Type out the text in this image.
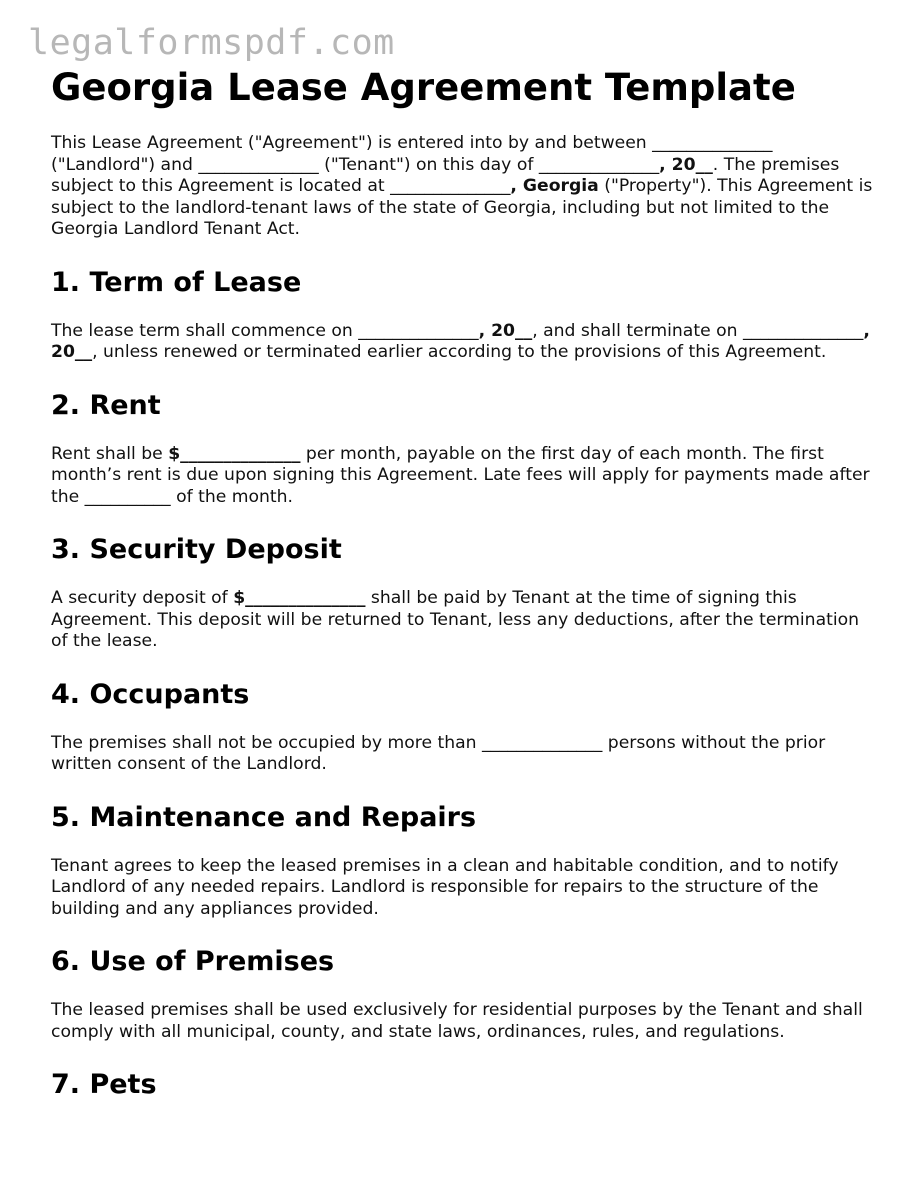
legalformspdf.com
Georgia Lease Agreement Template

This Lease Agreement ("Agreement") is entered into by and between ______________ ("Landlord") and ______________ ("Tenant") on this day of ______________, 20__. The premises subject to this Agreement is located at ______________, Georgia ("Property"). This Agreement is subject to the landlord-tenant laws of the state of Georgia, including but not limited to the Georgia Landlord Tenant Act.

1. Term of Lease

The lease term shall commence on ______________, 20__, and shall terminate on ______________, 20__, unless renewed or terminated earlier according to the provisions of this Agreement.

2. Rent

Rent shall be $______________ per month, payable on the first day of each month. The first month’s rent is due upon signing this Agreement. Late fees will apply for payments made after the __________ of the month.

3. Security Deposit

A security deposit of $______________ shall be paid by Tenant at the time of signing this Agreement. This deposit will be returned to Tenant, less any deductions, after the termination of the lease.

4. Occupants

The premises shall not be occupied by more than ______________ persons without the prior written consent of the Landlord.

5. Maintenance and Repairs

Tenant agrees to keep the leased premises in a clean and habitable condition, and to notify Landlord of any needed repairs. Landlord is responsible for repairs to the structure of the building and any appliances provided.

6. Use of Premises

The leased premises shall be used exclusively for residential purposes by the Tenant and shall comply with all municipal, county, and state laws, ordinances, rules, and regulations.

7. Pets
